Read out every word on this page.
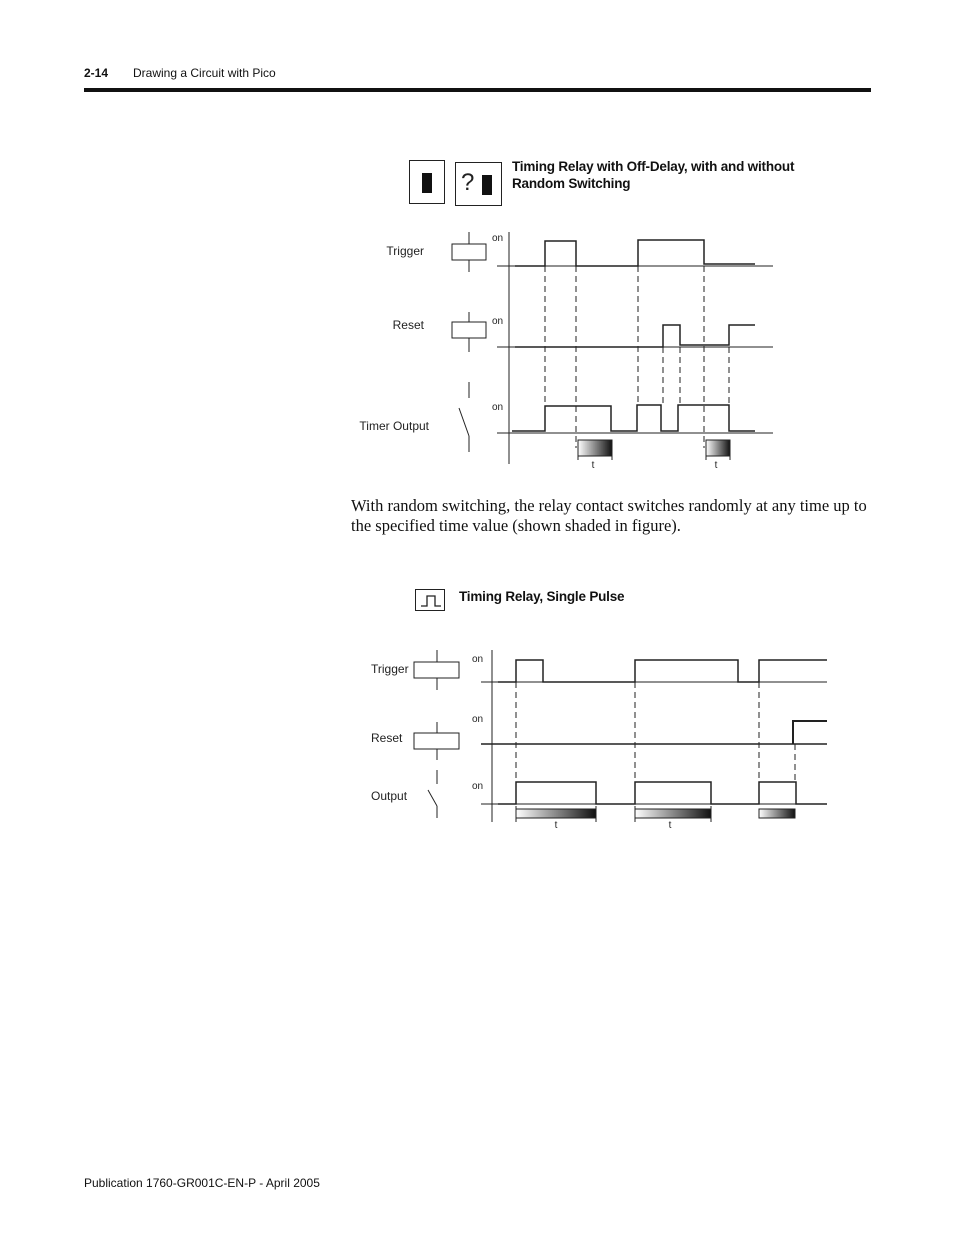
2-14 Drawing a Circuit with Pico
?
Timing Relay with Off-Delay, with and without
Random Switching
With random switching, the relay contact switches randomly at any time up to the specified time value (shown shaded in figure).
Timing Relay, Single Pulse
Trigger
on
Reset	on
Timer Output
on
t	t
Trigger
on
Reset
on
Output
on
t	t
Publication 1760-GR001C-EN-P - April 2005
